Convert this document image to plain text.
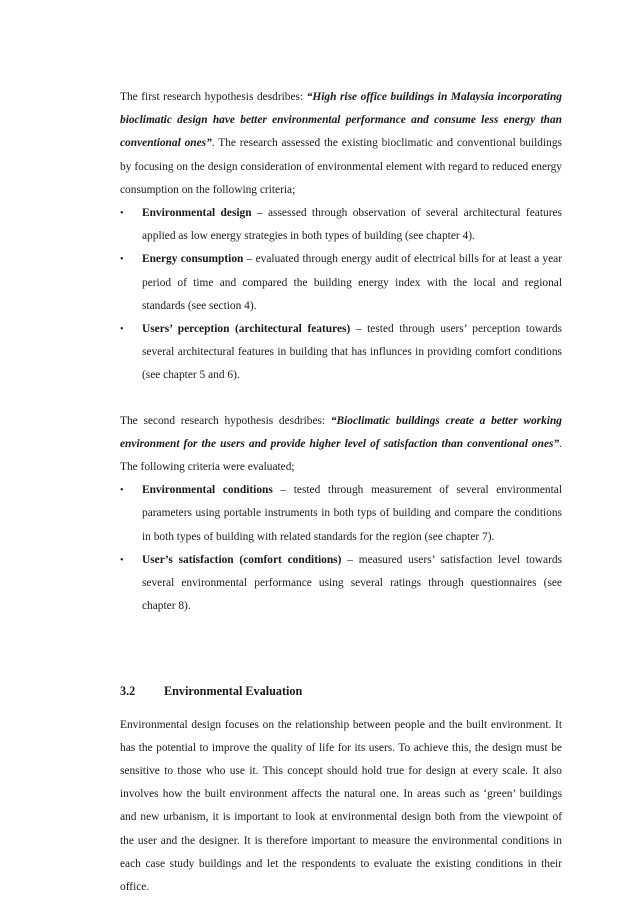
The first research hypothesis desdribes: “High rise office buildings in Malaysia incorporating bioclimatic design have better environmental performance and consume less energy than conventional ones”. The research assessed the existing bioclimatic and conventional buildings by focusing on the design consideration of environmental element with regard to reduced energy consumption on the following criteria;

• Environmental design – assessed through observation of several architectural features applied as low energy strategies in both types of building (see chapter 4).
• Energy consumption – evaluated through energy audit of electrical bills for at least a year period of time and compared the building energy index with the local and regional standards (see section 4).
• Users’ perception (architectural features) – tested through users’ perception towards several architectural features in building that has influnces in providing comfort conditions (see chapter 5 and 6).

The second research hypothesis desdribes: “Bioclimatic buildings create a better working environment for the users and provide higher level of satisfaction than conventional ones”. The following criteria were evaluated;

• Environmental conditions – tested through measurement of several environmental parameters using portable instruments in both typs of building and compare the conditions in both types of building with related standards for the region (see chapter 7).
• User’s satisfaction (comfort conditions) – measured users’ satisfaction level towards several environmental performance using several ratings through questionnaires (see chapter 8).
3.2 Environmental Evaluation

Environmental design focuses on the relationship between people and the built environment. It has the potential to improve the quality of life for its users. To achieve this, the design must be sensitive to those who use it. This concept should hold true for design at every scale. It also involves how the built environment affects the natural one. In areas such as ‘green’ buildings and new urbanism, it is important to look at environmental design both from the viewpoint of the user and the designer. It is therefore important to measure the environmental conditions in each case study buildings and let the respondents to evaluate the existing conditions in their office.
